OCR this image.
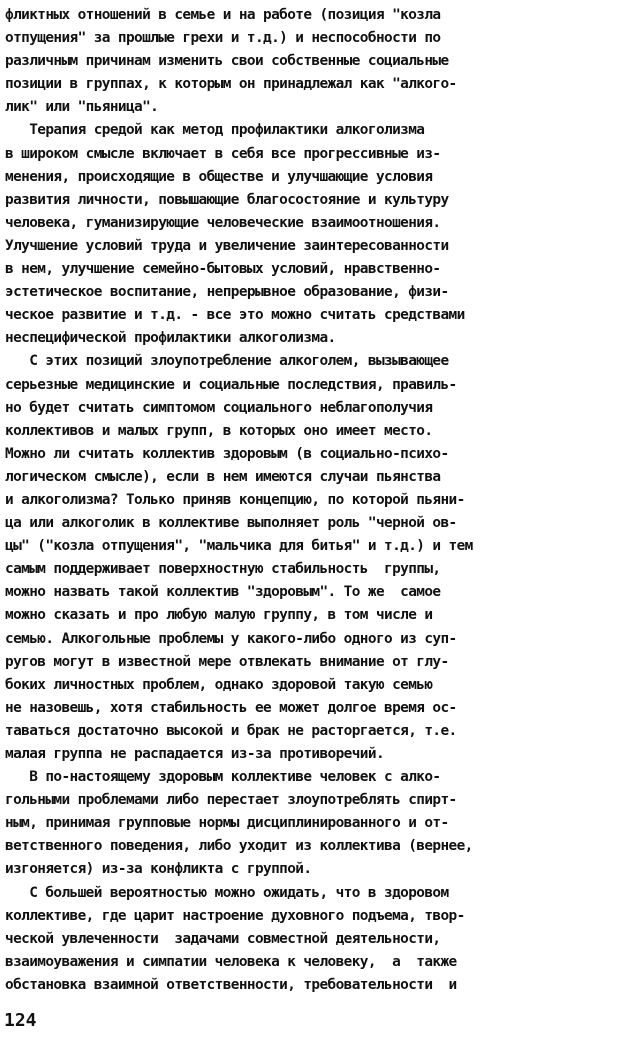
фликтных отношений в семье и на работе (позиция "козла
отпущения" за прошлые грехи и т.д.) и неспособности по
различным причинам изменить свои собственные социальные
позиции в группах, к которым он принадлежал как "алкого-
лик" или "пьяница".
Терапия средой как метод профилактики алкоголизма
в широком смысле включает в себя все прогрессивные из-
менения, происходящие в обществе и улучшающие условия
развития личности, повышающие благосостояние и культуру
человека, гуманизирующие человеческие взаимоотношения.
Улучшение условий труда и увеличение заинтересованности
в нем, улучшение семейно-бытовых условий, нравственно-
эстетическое воспитание, непрерывное образование, физи-
ческое развитие и т.д. - все это можно считать средствами
неспецифической профилактики алкоголизма.
С этих позиций злоупотребление алкоголем, вызывающее
серьезные медицинские и социальные последствия, правиль-
но будет считать симптомом социального неблагополучия
коллективов и малых групп, в которых оно имеет место.
Можно ли считать коллектив здоровым (в социально-психо-
логическом смысле), если в нем имеются случаи пьянства
и алкоголизма? Только приняв концепцию, по которой пьяни-
ца или алкоголик в коллективе выполняет роль "черной ов-
цы" ("козла отпущения", "мальчика для битья" и т.д.) и тем
самым поддерживает поверхностную стабильность  группы,
можно назвать такой коллектив "здоровым". То же  самое
можно сказать и про любую малую группу, в том числе и
семью. Алкогольные проблемы у какого-либо одного из суп-
ругов могут в известной мере отвлекать внимание от глу-
боких личностных проблем, однако здоровой такую семью
не назовешь, хотя стабильность ее может долгое время ос-
таваться достаточно высокой и брак не расторгается, т.е.
малая группа не распадается из-за противоречий.
В по-настоящему здоровым коллективе человек с алко-
гольными проблемами либо перестает злоупотреблять спирт-
ным, принимая групповые нормы дисциплинированного и от-
ветственного поведения, либо уходит из коллектива (вернее,
изгоняется) из-за конфликта с группой.
С большей вероятностью можно ожидать, что в здоровом
коллективе, где царит настроение духовного подъема, твор-
ческой увлеченности  задачами совместной деятельности,
взаимоуважения и симпатии человека к человеку,  а  также
обстановка взаимной ответственности, требовательности  и
124
